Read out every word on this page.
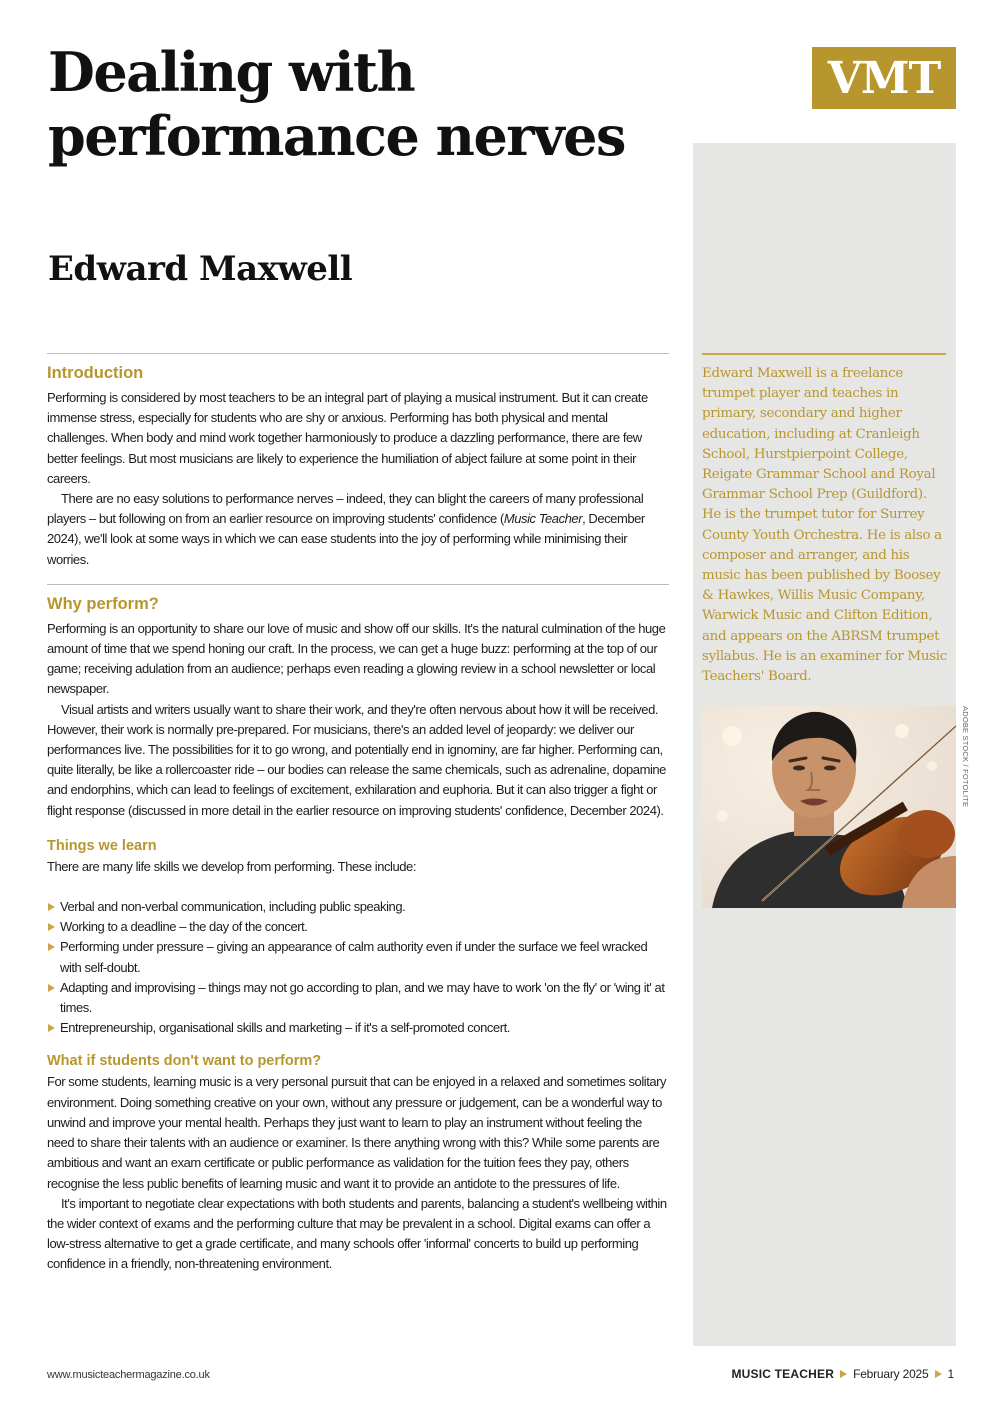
Dealing with
performance nerves
VMT
Edward Maxwell

Edward Maxwell is a freelance trumpet player and teaches in primary, secondary and higher education, including at Cranleigh School, Hurstpierpoint College, Reigate Grammar School and Royal Grammar School Prep (Guildford). He is the trumpet tutor for Surrey County Youth Orchestra. He is also a composer and arranger, and his music has been published by Boosey & Hawkes, Willis Music Company, Warwick Music and Clifton Edition, and appears on the ABRSM trumpet syllabus. He is an examiner for Music Teachers' Board.

ADOBE STOCK / FOTOLITE
Introduction

Performing is considered by most teachers to be an integral part of playing a musical instrument. But it can create immense stress, especially for students who are shy or anxious. Performing has both physical and mental challenges. When body and mind work together harmoniously to produce a dazzling performance, there are few better feelings. But most musicians are likely to experience the humiliation of abject failure at some point in their careers.

There are no easy solutions to performance nerves – indeed, they can blight the careers of many professional players – but following on from an earlier resource on improving students' confidence (Music Teacher, December 2024), we'll look at some ways in which we can ease students into the joy of performing while minimising their worries.

Why perform?

Performing is an opportunity to share our love of music and show off our skills. It's the natural culmination of the huge amount of time that we spend honing our craft. In the process, we can get a huge buzz: performing at the top of our game; receiving adulation from an audience; perhaps even reading a glowing review in a school newsletter or local newspaper.

Visual artists and writers usually want to share their work, and they're often nervous about how it will be received. However, their work is normally pre-prepared. For musicians, there's an added level of jeopardy: we deliver our performances live. The possibilities for it to go wrong, and potentially end in ignominy, are far higher. Performing can, quite literally, be like a rollercoaster ride – our bodies can release the same chemicals, such as adrenaline, dopamine and endorphins, which can lead to feelings of excitement, exhilaration and euphoria. But it can also trigger a fight or flight response (discussed in more detail in the earlier resource on improving students' confidence, December 2024).

Things we learn

There are many life skills we develop from performing. These include:

Verbal and non-verbal communication, including public speaking.
Working to a deadline – the day of the concert.
Performing under pressure – giving an appearance of calm authority even if under the surface we feel wracked with self-doubt.
Adapting and improvising – things may not go according to plan, and we may have to work 'on the fly' or 'wing it' at times.
Entrepreneurship, organisational skills and marketing – if it's a self-promoted concert.
What if students don't want to perform?

For some students, learning music is a very personal pursuit that can be enjoyed in a relaxed and sometimes solitary environment. Doing something creative on your own, without any pressure or judgement, can be a wonderful way to unwind and improve your mental health. Perhaps they just want to learn to play an instrument without feeling the need to share their talents with an audience or examiner. Is there anything wrong with this? While some parents are ambitious and want an exam certificate or public performance as validation for the tuition fees they pay, others recognise the less public benefits of learning music and want it to provide an antidote to the pressures of life.

It's important to negotiate clear expectations with both students and parents, balancing a student's wellbeing within the wider context of exams and the performing culture that may be prevalent in a school. Digital exams can offer a low-stress alternative to get a grade certificate, and many schools offer 'informal' concerts to build up performing confidence in a friendly, non-threatening environment.

www.musicteachermagazine.co.uk	MUSIC TEACHER February 2025 1
